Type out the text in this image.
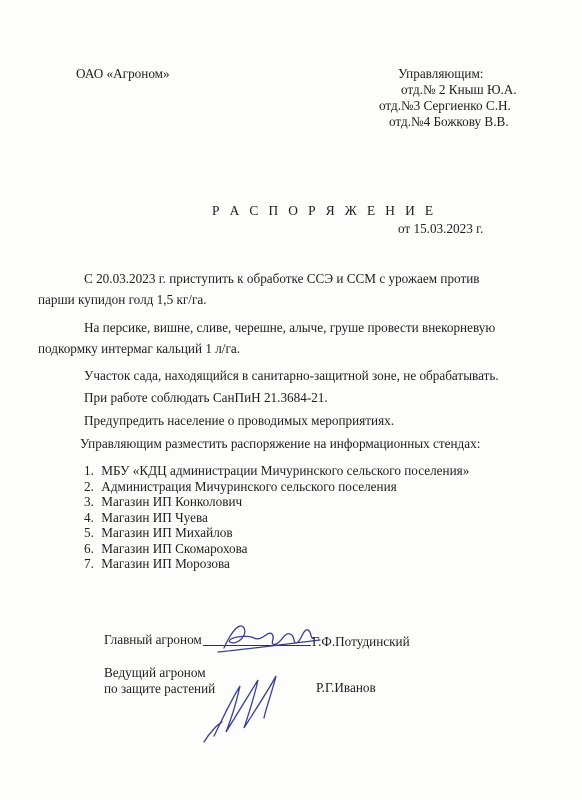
ОАО «Агроном»	Управляющим:
отд.№ 2 Кныш Ю.А.
отд.№3 Сергиенко С.Н.
отд.№4 Божкову В.В.
Р А С П О Р Я Ж Е Н И Е
от 15.03.2023 г.
С 20.03.2023 г. приступить к обработке ССЭ и ССМ с урожаем против
парши купидон голд 1,5 кг/га.
На персике, вишне, сливе, черешне, алыче, груше провести внекорневую
подкормку интермаг кальций 1 л/га.
Участок сада, находящийся в санитарно-защитной зоне, не обрабатывать.
При работе соблюдать СанПиН 21.3684-21.
Предупредить население о проводимых мероприятиях.
Управляющим разместить распоряжение на информационных стендах:
1. МБУ «КДЦ администрации Мичуринского сельского поселения»
2. Администрация Мичуринского сельского поселения
3. Магазин ИП Конколович
4. Магазин ИП Чуева
5. Магазин ИП Михайлов
6. Магазин ИП Скомарохова
7. Магазин ИП Морозова
Главный агроном	Г.Ф.Потудинский
Ведущий агроном
по защите растений	Р.Г.Иванов
